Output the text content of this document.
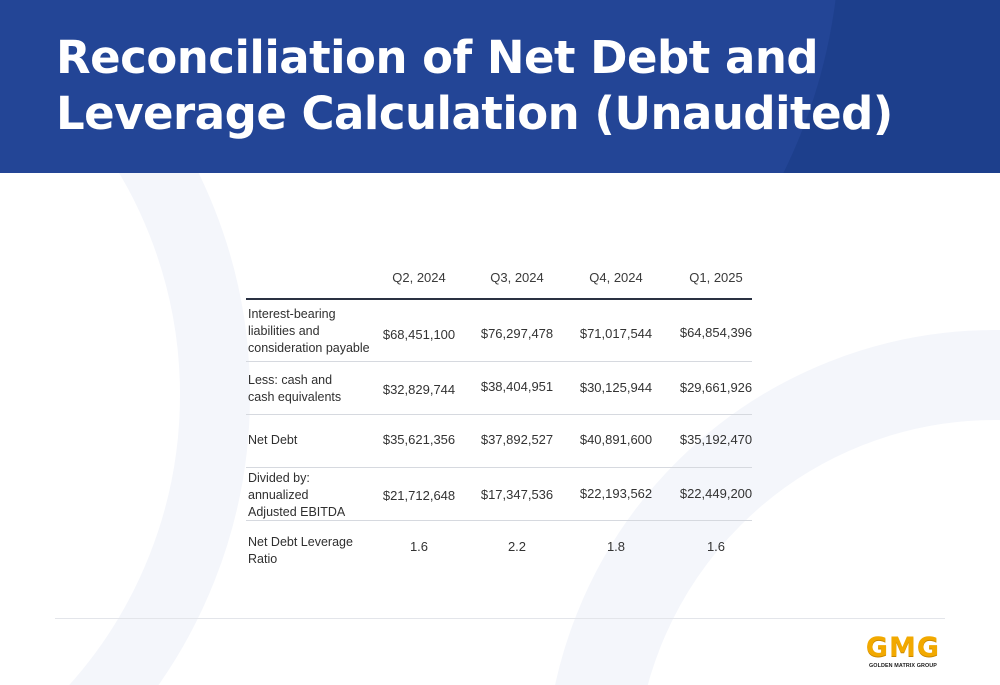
Reconciliation of Net Debt and Leverage Calculation (Unaudited)
Q2, 2024	Q3, 2024	Q4, 2024	Q1, 2025
Interest-bearing
liabilities and
consideration payable
$68,451,100	$76,297,478	$71,017,544	$64,854,396
Less: cash and
cash equivalents	$32,829,744	$38,404,951	$30,125,944	$29,661,926
Net Debt	$35,621,356	$37,892,527	$40,891,600	$35,192,470
Divided by:
annualized
Adjusted EBITDA
$21,712,648	$17,347,536	$22,193,562	$22,449,200
Net Debt Leverage
Ratio
1.6	2.2	1.8	1.6
GMG
GOLDEN MATRIX GROUP
